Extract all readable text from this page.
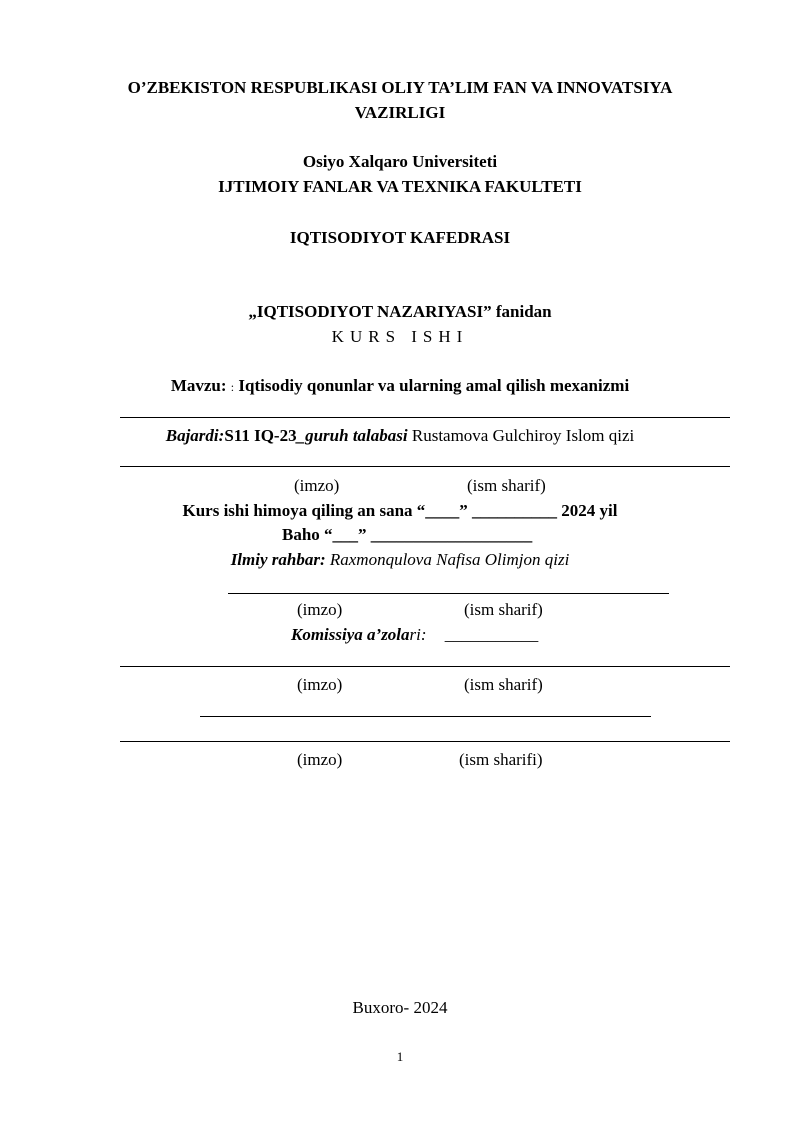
O’ZBEKISTON RESPUBLIKASI OLIY TA’LIM FAN VA INNOVATSIYA
VAZIRLIGI
Osiyo Xalqaro Universiteti
IJTIMOIY FANLAR VA TEXNIKA FAKULTETI
IQTISODIYOT KAFEDRASI
„IQTISODIYOT NAZARIYASI” fanidan
KURS ISHI
Mavzu: : Iqtisodiy qonunlar va ularning amal qilish mexanizmi
Bajardi:S11 IQ-23_guruh talabasi Rustamova Gulchiroy Islom qizi
(imzo)	(ism sharif)
Kurs ishi himoya qiling an sana “____” __________ 2024 yil
Baho “___” ___________________
Ilmiy rahbar: Raxmonqulova Nafisa Olimjon qizi
(imzo)	(ism sharif)
Komissiya a’zolari: ___________
(imzo)	(ism sharif)
(imzo)	(ism sharifi)
Buxoro- 2024
1
